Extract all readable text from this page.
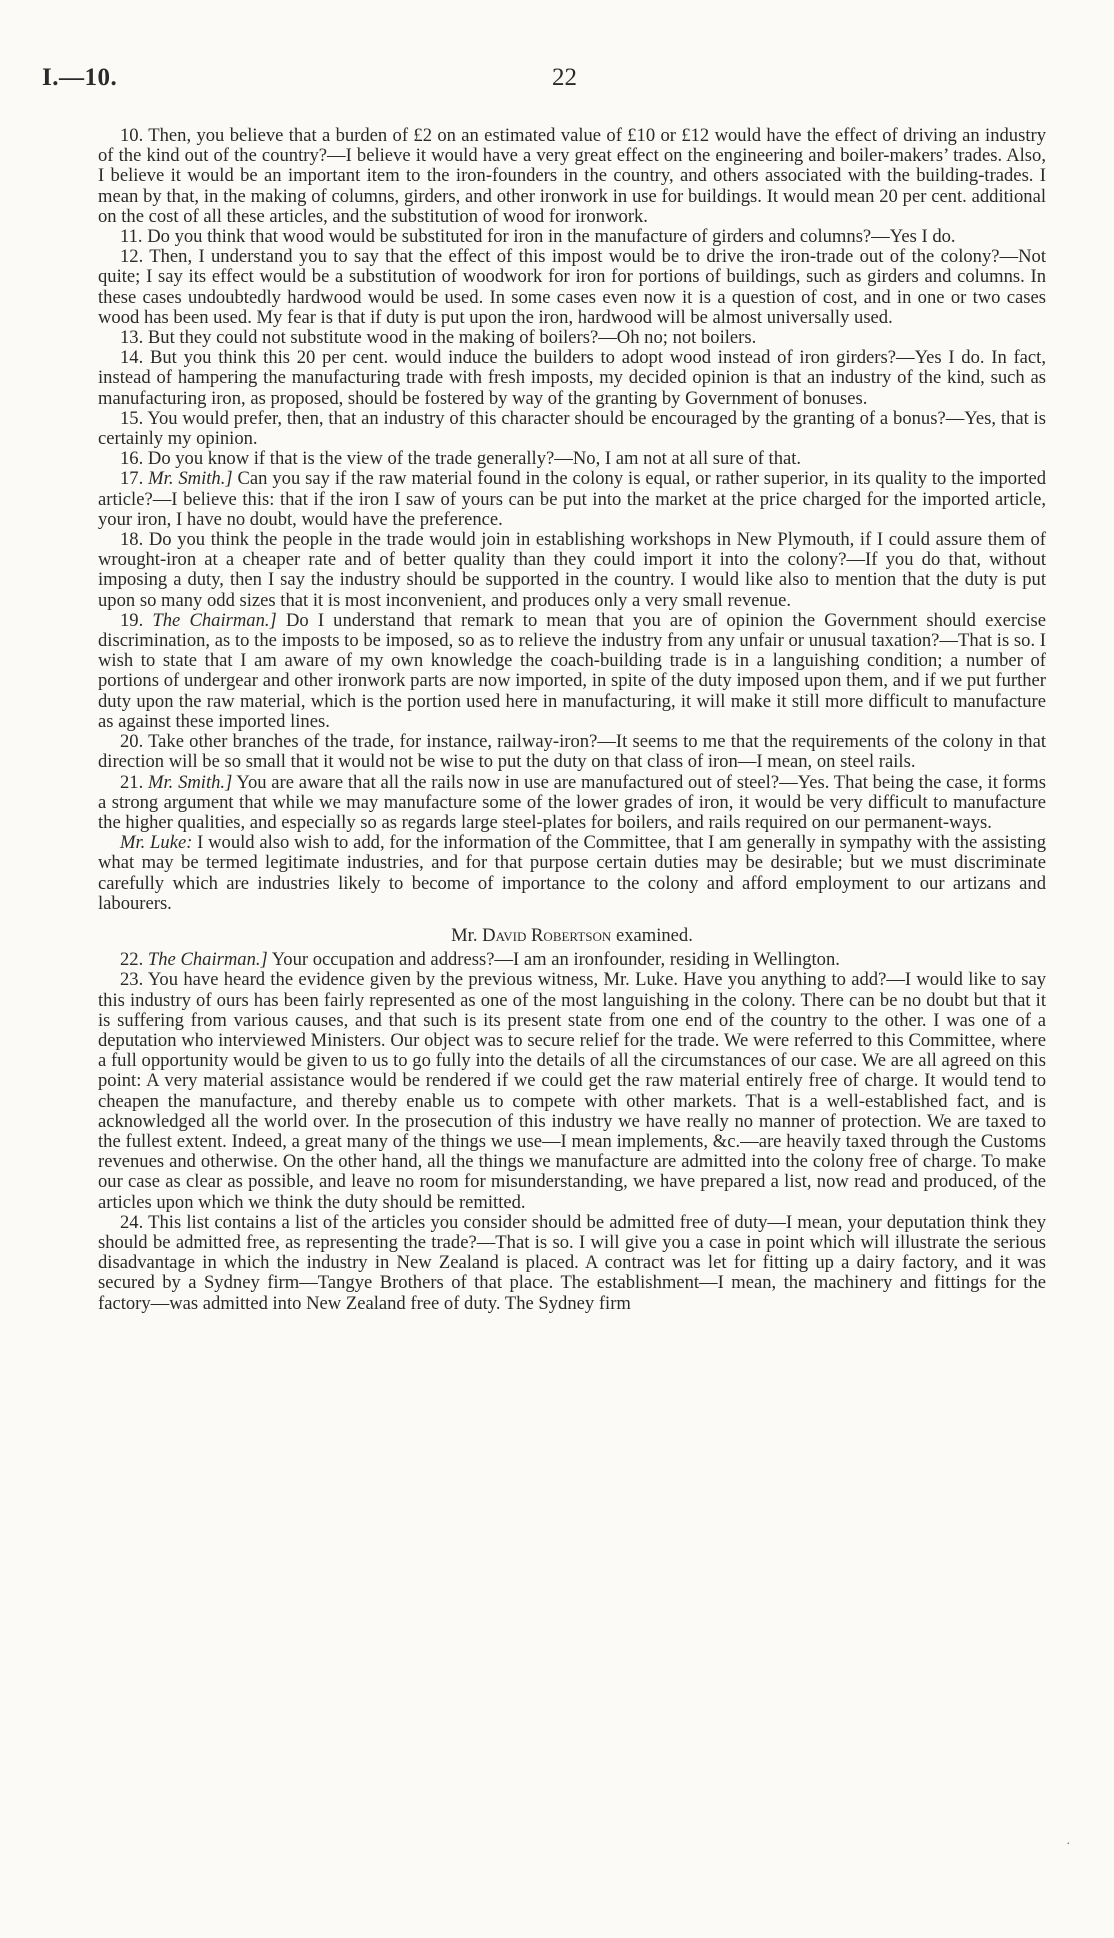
I.—10.	22

10. Then, you believe that a burden of £2 on an estimated value of £10 or £12 would have the effect of driving an industry of the kind out of the country?—I believe it would have a very great effect on the engineering and boiler-makers’ trades. Also, I believe it would be an important item to the iron-founders in the country, and others associated with the building-trades. I mean by that, in the making of columns, girders, and other ironwork in use for buildings. It would mean 20 per cent. additional on the cost of all these articles, and the substitution of wood for ironwork.

11. Do you think that wood would be substituted for iron in the manufacture of girders and columns?—Yes I do.

12. Then, I understand you to say that the effect of this impost would be to drive the iron-trade out of the colony?—Not quite; I say its effect would be a substitution of woodwork for iron for portions of buildings, such as girders and columns. In these cases undoubtedly hardwood would be used. In some cases even now it is a question of cost, and in one or two cases wood has been used. My fear is that if duty is put upon the iron, hardwood will be almost universally used.

13. But they could not substitute wood in the making of boilers?—Oh no; not boilers.

14. But you think this 20 per cent. would induce the builders to adopt wood instead of iron girders?—Yes I do. In fact, instead of hampering the manufacturing trade with fresh imposts, my decided opinion is that an industry of the kind, such as manufacturing iron, as proposed, should be fostered by way of the granting by Government of bonuses.

15. You would prefer, then, that an industry of this character should be encouraged by the granting of a bonus?—Yes, that is certainly my opinion.

16. Do you know if that is the view of the trade generally?—No, I am not at all sure of that.

17. Mr. Smith.] Can you say if the raw material found in the colony is equal, or rather superior, in its quality to the imported article?—I believe this: that if the iron I saw of yours can be put into the market at the price charged for the imported article, your iron, I have no doubt, would have the preference.

18. Do you think the people in the trade would join in establishing workshops in New Plymouth, if I could assure them of wrought-iron at a cheaper rate and of better quality than they could import it into the colony?—If you do that, without imposing a duty, then I say the industry should be supported in the country. I would like also to mention that the duty is put upon so many odd sizes that it is most inconvenient, and produces only a very small revenue.

19. The Chairman.] Do I understand that remark to mean that you are of opinion the Government should exercise discrimination, as to the imposts to be imposed, so as to relieve the industry from any unfair or unusual taxation?—That is so. I wish to state that I am aware of my own knowledge the coach-building trade is in a languishing condition; a number of portions of undergear and other ironwork parts are now imported, in spite of the duty imposed upon them, and if we put further duty upon the raw material, which is the portion used here in manufacturing, it will make it still more difficult to manufacture as against these imported lines.

20. Take other branches of the trade, for instance, railway-iron?—It seems to me that the requirements of the colony in that direction will be so small that it would not be wise to put the duty on that class of iron—I mean, on steel rails.

21. Mr. Smith.] You are aware that all the rails now in use are manufactured out of steel?—Yes. That being the case, it forms a strong argument that while we may manufacture some of the lower grades of iron, it would be very difficult to manufacture the higher qualities, and especially so as regards large steel-plates for boilers, and rails required on our permanent-ways.

Mr. Luke: I would also wish to add, for the information of the Committee, that I am generally in sympathy with the assisting what may be termed legitimate industries, and for that purpose certain duties may be desirable; but we must discriminate carefully which are industries likely to become of importance to the colony and afford employment to our artizans and labourers.

Mr. David Robertson examined.

22. The Chairman.] Your occupation and address?—I am an ironfounder, residing in Wellington.

23. You have heard the evidence given by the previous witness, Mr. Luke. Have you anything to add?—I would like to say this industry of ours has been fairly represented as one of the most languishing in the colony. There can be no doubt but that it is suffering from various causes, and that such is its present state from one end of the country to the other. I was one of a deputation who interviewed Ministers. Our object was to secure relief for the trade. We were referred to this Committee, where a full opportunity would be given to us to go fully into the details of all the circumstances of our case. We are all agreed on this point: A very material assistance would be rendered if we could get the raw material entirely free of charge. It would tend to cheapen the manufacture, and thereby enable us to compete with other markets. That is a well-established fact, and is acknowledged all the world over. In the prosecution of this industry we have really no manner of protection. We are taxed to the fullest extent. Indeed, a great many of the things we use—I mean implements, &c.—are heavily taxed through the Customs revenues and otherwise. On the other hand, all the things we manufacture are admitted into the colony free of charge. To make our case as clear as possible, and leave no room for misunderstanding, we have prepared a list, now read and produced, of the articles upon which we think the duty should be remitted.

24. This list contains a list of the articles you consider should be admitted free of duty—I mean, your deputation think they should be admitted free, as representing the trade?—That is so. I will give you a case in point which will illustrate the serious disadvantage in which the industry in New Zealand is placed. A contract was let for fitting up a dairy factory, and it was secured by a Sydney firm—Tangye Brothers of that place. The establishment—I mean, the machinery and fittings for the factory—was admitted into New Zealand free of duty. The Sydney firm

·
